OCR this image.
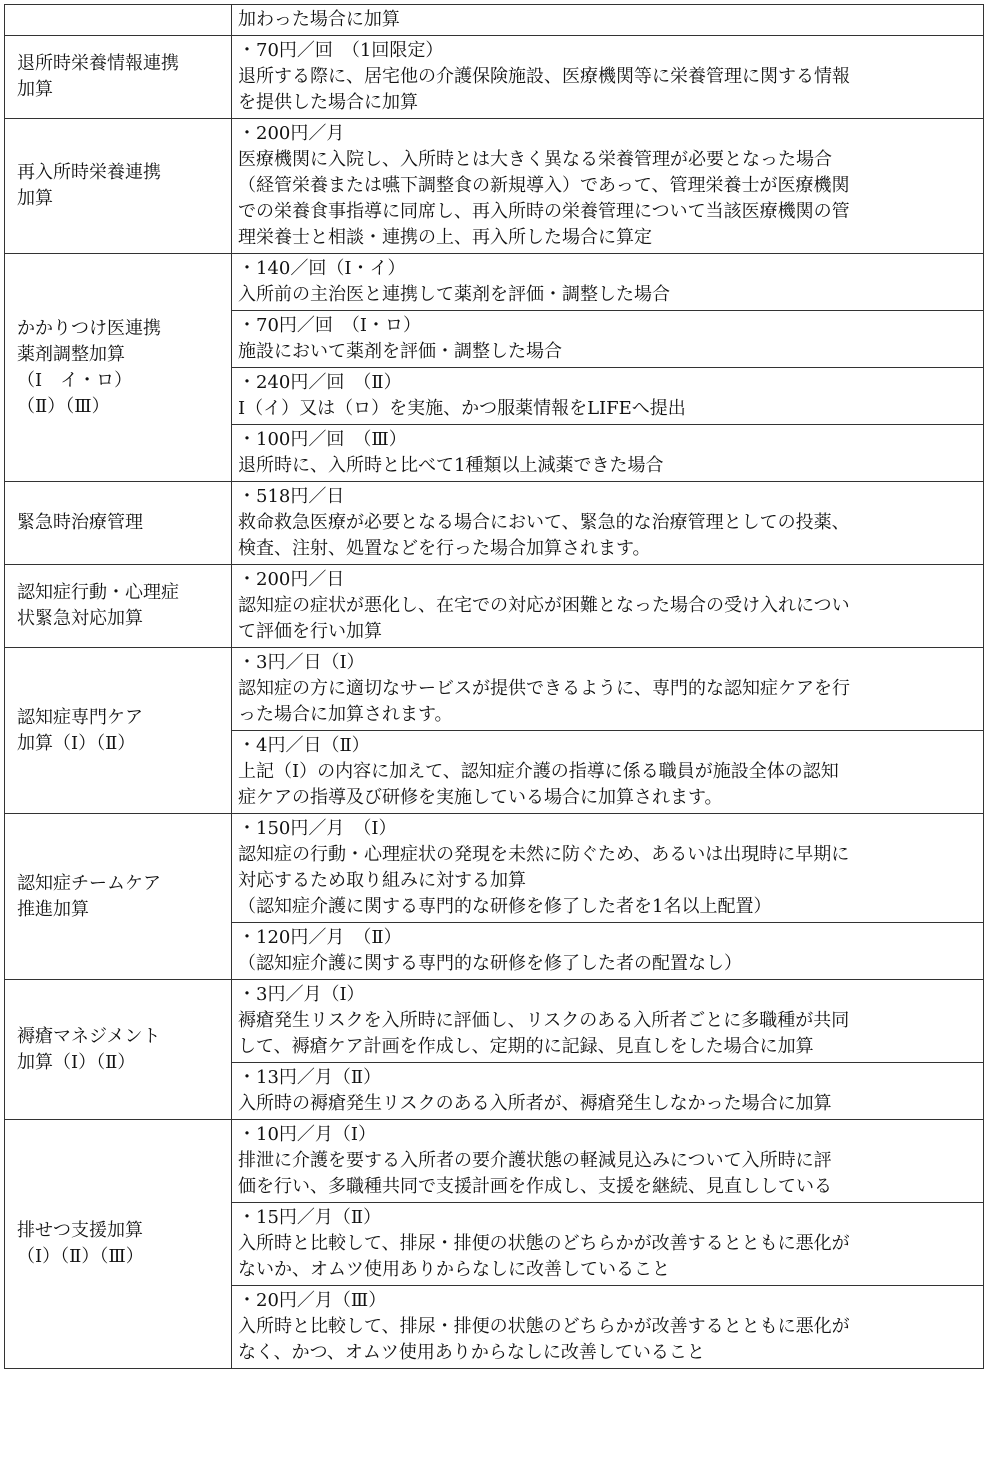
	加わった場合に加算

退所時栄養情報連携
加算	・70円／回　（1回限定）
退所する際に、居宅他の介護保険施設、医療機関等に栄養管理に関する情報
を提供した場合に加算

再入所時栄養連携
加算	・200円／月
医療機関に入院し、入所時とは大きく異なる栄養管理が必要となった場合
（経管栄養または嚥下調整食の新規導入）であって、管理栄養士が医療機関
での栄養食事指導に同席し、再入所時の栄養管理について当該医療機関の管
理栄養士と相談・連携の上、再入所した場合に算定

かかりつけ医連携
薬剤調整加算
（Ⅰ　イ・ロ）
（Ⅱ）（Ⅲ）	・140／回（Ⅰ・イ）
入所前の主治医と連携して薬剤を評価・調整した場合

	・70円／回　（Ⅰ・ロ）
施設において薬剤を評価・調整した場合

	・240円／回　（Ⅱ）
Ⅰ（イ）又は（ロ）を実施、かつ服薬情報をLIFEへ提出

	・100円／回　（Ⅲ）
退所時に、入所時と比べて1種類以上減薬できた場合

緊急時治療管理	・518円／日
救命救急医療が必要となる場合において、緊急的な治療管理としての投薬、
検査、注射、処置などを行った場合加算されます。

認知症行動・心理症
状緊急対応加算	・200円／日
認知症の症状が悪化し、在宅での対応が困難となった場合の受け入れについ
て評価を行い加算

認知症専門ケア
加算（Ⅰ）（Ⅱ）	・3円／日（Ⅰ）
認知症の方に適切なサービスが提供できるように、専門的な認知症ケアを行
った場合に加算されます。

	・4円／日（Ⅱ）
上記（Ⅰ）の内容に加えて、認知症介護の指導に係る職員が施設全体の認知
症ケアの指導及び研修を実施している場合に加算されます。

認知症チームケア
推進加算	・150円／月　（Ⅰ）
認知症の行動・心理症状の発現を未然に防ぐため、あるいは出現時に早期に
対応するため取り組みに対する加算
（認知症介護に関する専門的な研修を修了した者を1名以上配置）

	・120円／月　（Ⅱ）
（認知症介護に関する専門的な研修を修了した者の配置なし）

褥瘡マネジメント
加算（Ⅰ）（Ⅱ）	・3円／月（Ⅰ）
褥瘡発生リスクを入所時に評価し、リスクのある入所者ごとに多職種が共同
して、褥瘡ケア計画を作成し、定期的に記録、見直しをした場合に加算

	・13円／月（Ⅱ）
入所時の褥瘡発生リスクのある入所者が、褥瘡発生しなかった場合に加算

排せつ支援加算
（Ⅰ）（Ⅱ）（Ⅲ）	・10円／月（Ⅰ）
排泄に介護を要する入所者の要介護状態の軽減見込みについて入所時に評
価を行い、多職種共同で支援計画を作成し、支援を継続、見直ししている

	・15円／月（Ⅱ）
入所時と比較して、排尿・排便の状態のどちらかが改善するとともに悪化が
ないか、オムツ使用ありからなしに改善していること

	・20円／月（Ⅲ）
入所時と比較して、排尿・排便の状態のどちらかが改善するとともに悪化が
なく、かつ、オムツ使用ありからなしに改善していること
